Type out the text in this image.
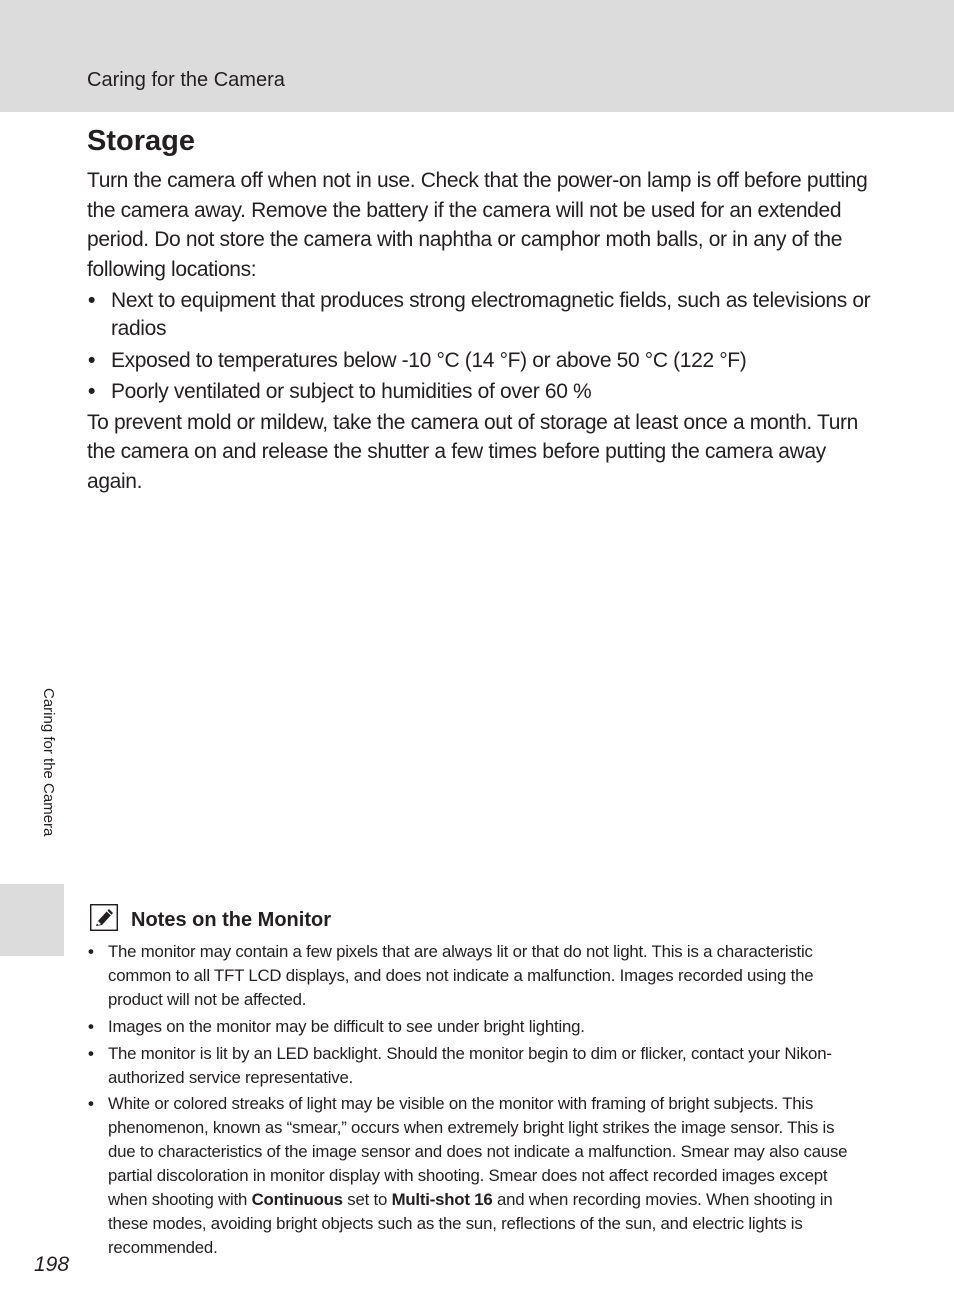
Caring for the Camera
Storage

Turn the camera off when not in use. Check that the power-on lamp is off before putting the camera away. Remove the battery if the camera will not be used for an extended period. Do not store the camera with naphtha or camphor moth balls, or in any of the following locations:

• Next to equipment that produces strong electromagnetic fields, such as televisions or radios
• Exposed to temperatures below -10 °C (14 °F) or above 50 °C (122 °F)
• Poorly ventilated or subject to humidities of over 60 %

To prevent mold or mildew, take the camera out of storage at least once a month. Turn the camera on and release the shutter a few times before putting the camera away again.

Caring for the Camera
Notes on the Monitor
• The monitor may contain a few pixels that are always lit or that do not light. This is a characteristic common to all TFT LCD displays, and does not indicate a malfunction. Images recorded using the product will not be affected.
• Images on the monitor may be difficult to see under bright lighting.
• The monitor is lit by an LED backlight. Should the monitor begin to dim or flicker, contact your Nikon-authorized service representative.
• White or colored streaks of light may be visible on the monitor with framing of bright subjects. This phenomenon, known as “smear,” occurs when extremely bright light strikes the image sensor. This is due to characteristics of the image sensor and does not indicate a malfunction. Smear may also cause partial discoloration in monitor display with shooting. Smear does not affect recorded images except when shooting with Continuous set to Multi-shot 16 and when recording movies. When shooting in these modes, avoiding bright objects such as the sun, reflections of the sun, and electric lights is recommended.
198
